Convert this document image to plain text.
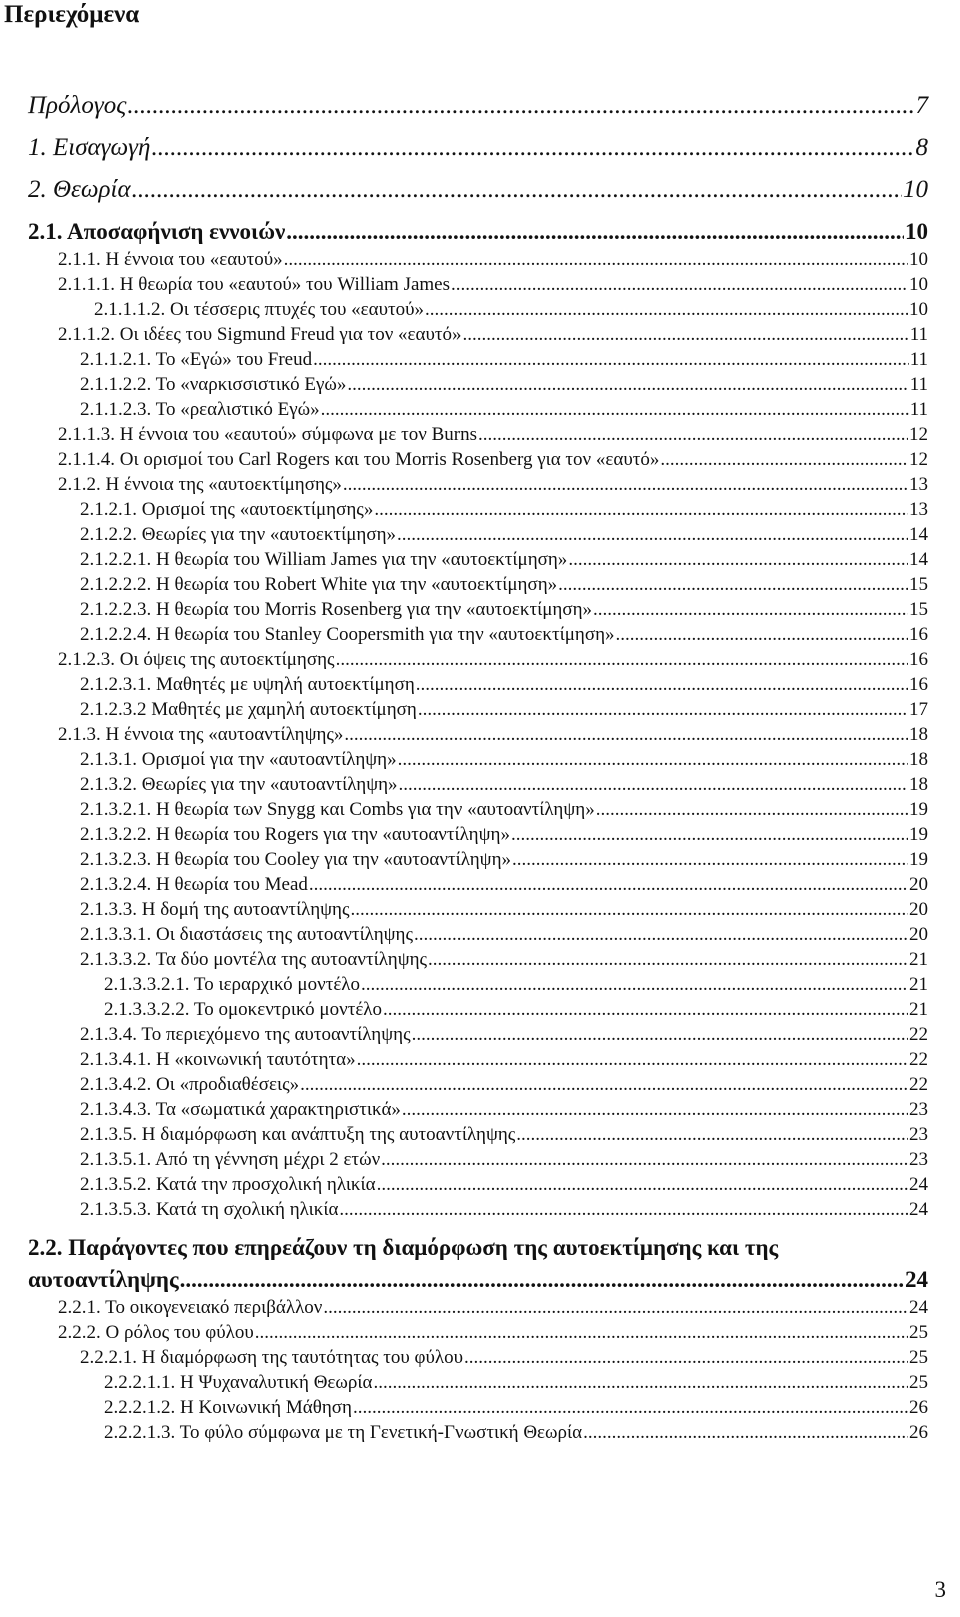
Περιεχόμενα
Πρόλογος .....	7
1. Εισαγωγή .....	8
2. Θεωρία .....	10
2.1. Αποσαφήνιση εννοιών .....	10
2.1.1. Η έννοια του «εαυτού» .....	10
2.1.1.1. Η θεωρία του «εαυτού» του William James .....	10
2.1.1.1.2. Οι τέσσερις πτυχές του «εαυτού» .....	10
2.1.1.2. Οι ιδέες του Sigmund Freud για τον «εαυτό» .....	11
2.1.1.2.1. Το «Εγώ» του Freud .....	11
2.1.1.2.2. Το «ναρκισσιστικό Εγώ» .....	11
2.1.1.2.3. Το «ρεαλιστικό Εγώ» .....	11
2.1.1.3. Η έννοια του «εαυτού» σύμφωνα με τον Burns .....	12
2.1.1.4. Οι ορισμοί του Carl Rogers και του Morris Rosenberg για τον «εαυτό» .....	12
2.1.2. Η έννοια της «αυτοεκτίμησης» .....	13
2.1.2.1. Ορισμοί της «αυτοεκτίμησης» .....	13
2.1.2.2. Θεωρίες για την «αυτοεκτίμηση» .....	14
2.1.2.2.1. Η θεωρία του William James για την «αυτοεκτίμηση» .....	14
2.1.2.2.2. Η θεωρία του Robert White για την «αυτοεκτίμηση» .....	15
2.1.2.2.3. Η θεωρία του Morris Rosenberg για την «αυτοεκτίμηση» .....	15
2.1.2.2.4. Η θεωρία του Stanley Coopersmith για την «αυτοεκτίμηση» .....	16
2.1.2.3. Οι όψεις της αυτοεκτίμησης .....	16
2.1.2.3.1. Μαθητές με υψηλή αυτοεκτίμηση .....	16
2.1.2.3.2 Μαθητές με χαμηλή αυτοεκτίμηση .....	17
2.1.3. Η έννοια της «αυτοαντίληψης» .....	18
2.1.3.1. Ορισμοί για την «αυτοαντίληψη» .....	18
2.1.3.2. Θεωρίες για την «αυτοαντίληψη» .....	18
2.1.3.2.1. Η θεωρία των Snygg και Combs για την «αυτοαντίληψη» .....	19
2.1.3.2.2. Η θεωρία του Rogers για την «αυτοαντίληψη» .....	19
2.1.3.2.3. Η θεωρία του Cooley για την «αυτοαντίληψη» .....	19
2.1.3.2.4. Η θεωρία του Mead .....	20
2.1.3.3. Η δομή της αυτοαντίληψης .....	20
2.1.3.3.1. Οι διαστάσεις της αυτοαντίληψης .....	20
2.1.3.3.2. Τα δύο μοντέλα της αυτοαντίληψης .....	21
2.1.3.3.2.1. Το ιεραρχικό μοντέλο .....	21
2.1.3.3.2.2. Το ομοκεντρικό μοντέλο .....	21
2.1.3.4. Το περιεχόμενο της αυτοαντίληψης .....	22
2.1.3.4.1. Η «κοινωνική ταυτότητα» .....	22
2.1.3.4.2. Οι «προδιαθέσεις» .....	22
2.1.3.4.3. Τα «σωματικά χαρακτηριστικά» .....	23
2.1.3.5. Η διαμόρφωση και ανάπτυξη της αυτοαντίληψης .....	23
2.1.3.5.1. Από τη γέννηση μέχρι 2 ετών .....	23
2.1.3.5.2. Κατά την προσχολική ηλικία .....	24
2.1.3.5.3. Κατά τη σχολική ηλικία .....	24
2.2. Παράγοντες που επηρεάζουν τη διαμόρφωση της αυτοεκτίμησης και της
αυτοαντίληψης .....	24
2.2.1. Το οικογενειακό περιβάλλον .....	24
2.2.2. Ο ρόλος του φύλου .....	25
2.2.2.1. Η διαμόρφωση της ταυτότητας του φύλου .....	25
2.2.2.1.1. Η Ψυχαναλυτική Θεωρία .....	25
2.2.2.1.2. Η Κοινωνική Μάθηση .....	26
2.2.2.1.3. Το φύλο σύμφωνα με τη Γενετική-Γνωστική Θεωρία .....	26
3
